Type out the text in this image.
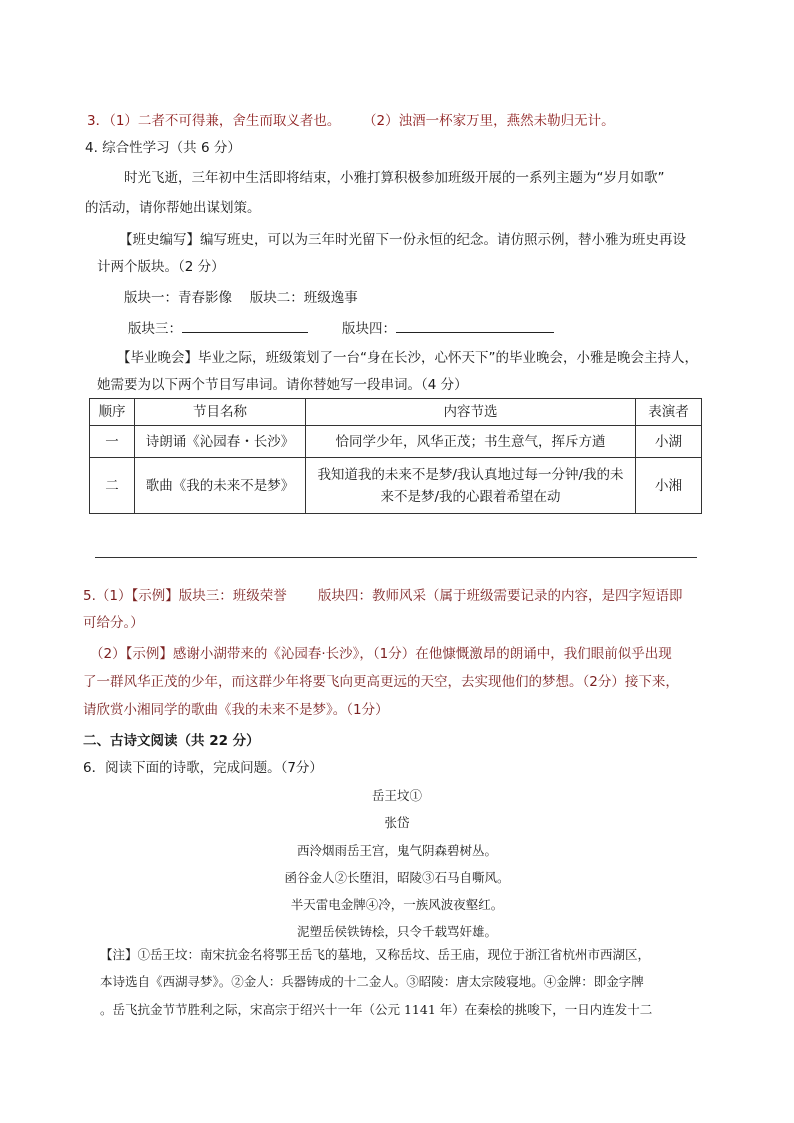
3．（1）二者不可得兼，舍生而取义者也。 （2）浊酒一杯家万里，燕然未勒归无计。
4. 综合性学习（共 6 分）
时光飞逝，三年初中生活即将结束，小雅打算积极参加班级开展的一系列主题为“岁月如歌”
的活动，请你帮她出谋划策。
【班史编写】编写班史，可以为三年时光留下一份永恒的纪念。请仿照示例，替小雅为班史再设
计两个版块。（2 分）
版块一：青春影像　 版块二：班级逸事
版块三：	版块四：
【毕业晚会】毕业之际，班级策划了一台“身在长沙，心怀天下”的毕业晚会，小雅是晚会主持人，
她需要为以下两个节目写串词。请你替她写一段串词。（4 分）
顺序	节目名称	内容节选	表演者
一	诗朗诵《沁园春・长沙》	恰同学少年，风华正茂；书生意气，挥斥方遒	小湖
二	歌曲《我的未来不是梦》	我知道我的未来不是梦/我认真地过每一分钟/我的未
来不是梦/我的心跟着希望在动	小湘
5.（1）【示例】版块三：班级荣誉　　 版块四：教师风采（属于班级需要记录的内容，是四字短语即
可给分。）
（2）【示例】感谢小湖带来的《沁园春·长沙》，（1分）在他慷慨激昂的朗诵中，我们眼前似乎出现
了一群风华正茂的少年，而这群少年将要飞向更高更远的天空，去实现他们的梦想。（2分）接下来，
请欣赏小湘同学的歌曲《我的未来不是梦》。（1分）
二、古诗文阅读（共 22 分）
6．阅读下面的诗歌，完成问题。（7分）
岳王坟①
张岱
西泠烟雨岳王宫，鬼气阴森碧树丛。
函谷金人②长堕泪，昭陵③石马自嘶风。
半天雷电金牌④冷，一族风波夜壑红。
泥塑岳侯铁铸桧，只令千载骂奸雄。
【注】①岳王坟：南宋抗金名将鄂王岳飞的墓地，又称岳坟、岳王庙，现位于浙江省杭州市西湖区，
本诗选自《西湖寻梦》。②金人：兵器铸成的十二金人。③昭陵：唐太宗陵寝地。④金牌：即金字牌
。岳飞抗金节节胜利之际，宋高宗于绍兴十一年（公元 1141 年）在秦桧的挑唆下，一日内连发十二
